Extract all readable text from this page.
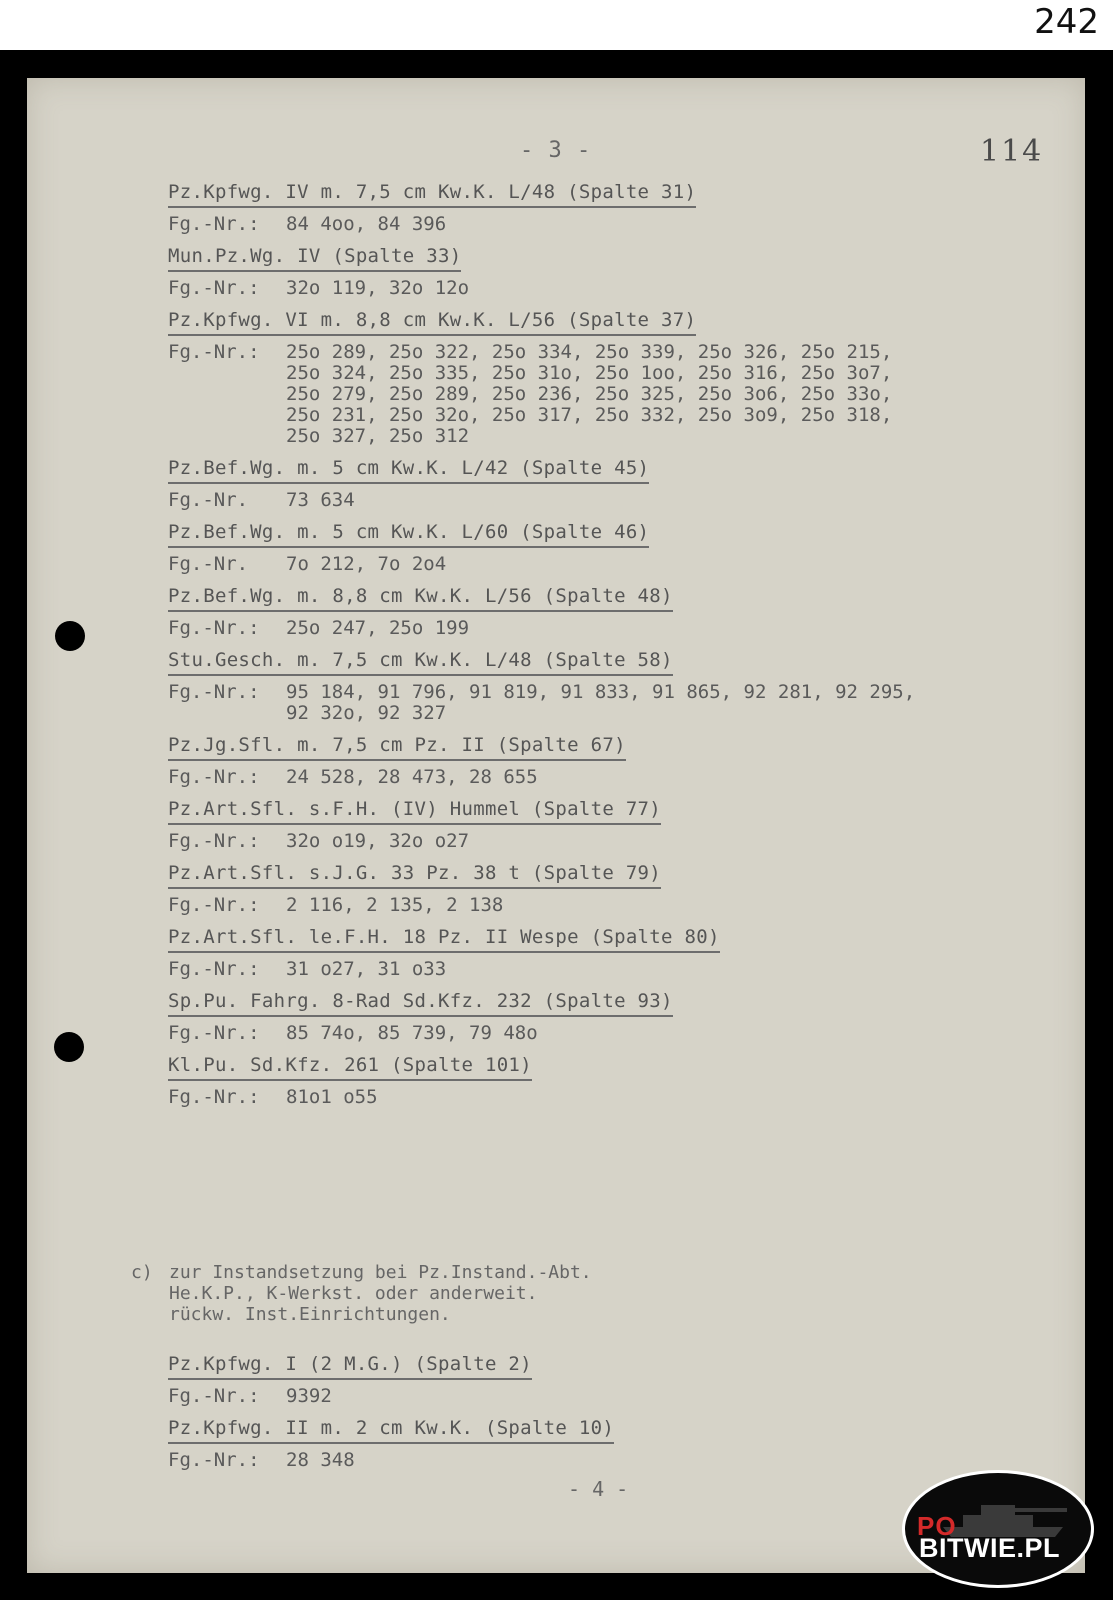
242
- 3 -	114
Pz.Kpfwg. IV m. 7,5 cm Kw.K. L/48 (Spalte 31)
Fg.-Nr.:	84 4oo, 84 396
Mun.Pz.Wg. IV (Spalte 33)
Fg.-Nr.:	32o 119, 32o 12o
Pz.Kpfwg. VI m. 8,8 cm Kw.K. L/56 (Spalte 37)
Fg.-Nr.:	25o 289, 25o 322, 25o 334, 25o 339, 25o 326, 25o 215,
25o 324, 25o 335, 25o 31o, 25o 1oo, 25o 316, 25o 3o7,
25o 279, 25o 289, 25o 236, 25o 325, 25o 3o6, 25o 33o,
25o 231, 25o 32o, 25o 317, 25o 332, 25o 3o9, 25o 318,
25o 327, 25o 312
Pz.Bef.Wg. m. 5 cm Kw.K. L/42 (Spalte 45)
Fg.-Nr.	73 634
Pz.Bef.Wg. m. 5 cm Kw.K. L/60 (Spalte 46)
Fg.-Nr.	7o 212, 7o 2o4
Pz.Bef.Wg. m. 8,8 cm Kw.K. L/56 (Spalte 48)
Fg.-Nr.:	25o 247, 25o 199
Stu.Gesch. m. 7,5 cm Kw.K. L/48 (Spalte 58)
Fg.-Nr.:	95 184, 91 796, 91 819, 91 833, 91 865, 92 281, 92 295,
92 32o, 92 327
Pz.Jg.Sfl. m. 7,5 cm Pz. II (Spalte 67)
Fg.-Nr.:	24 528, 28 473, 28 655
Pz.Art.Sfl. s.F.H. (IV) Hummel (Spalte 77)
Fg.-Nr.:	32o o19, 32o o27
Pz.Art.Sfl. s.J.G. 33 Pz. 38 t (Spalte 79)
Fg.-Nr.:	2 116, 2 135, 2 138
Pz.Art.Sfl. le.F.H. 18 Pz. II Wespe (Spalte 80)
Fg.-Nr.:	31 o27, 31 o33
Sp.Pu. Fahrg. 8-Rad Sd.Kfz. 232 (Spalte 93)
Fg.-Nr.:	85 74o, 85 739, 79 48o
Kl.Pu. Sd.Kfz. 261 (Spalte 101)
Fg.-Nr.:	81o1 o55
c) zur Instandsetzung bei Pz.Instand.-Abt.
He.K.P., K-Werkst. oder anderweit.
rückw. Inst.Einrichtungen.
Pz.Kpfwg. I (2 M.G.) (Spalte 2)
Fg.-Nr.:	9392
Pz.Kpfwg. II m. 2 cm Kw.K. (Spalte 10)
Fg.-Nr.:	28 348
- 4 -
PO
BITWIE.PL
